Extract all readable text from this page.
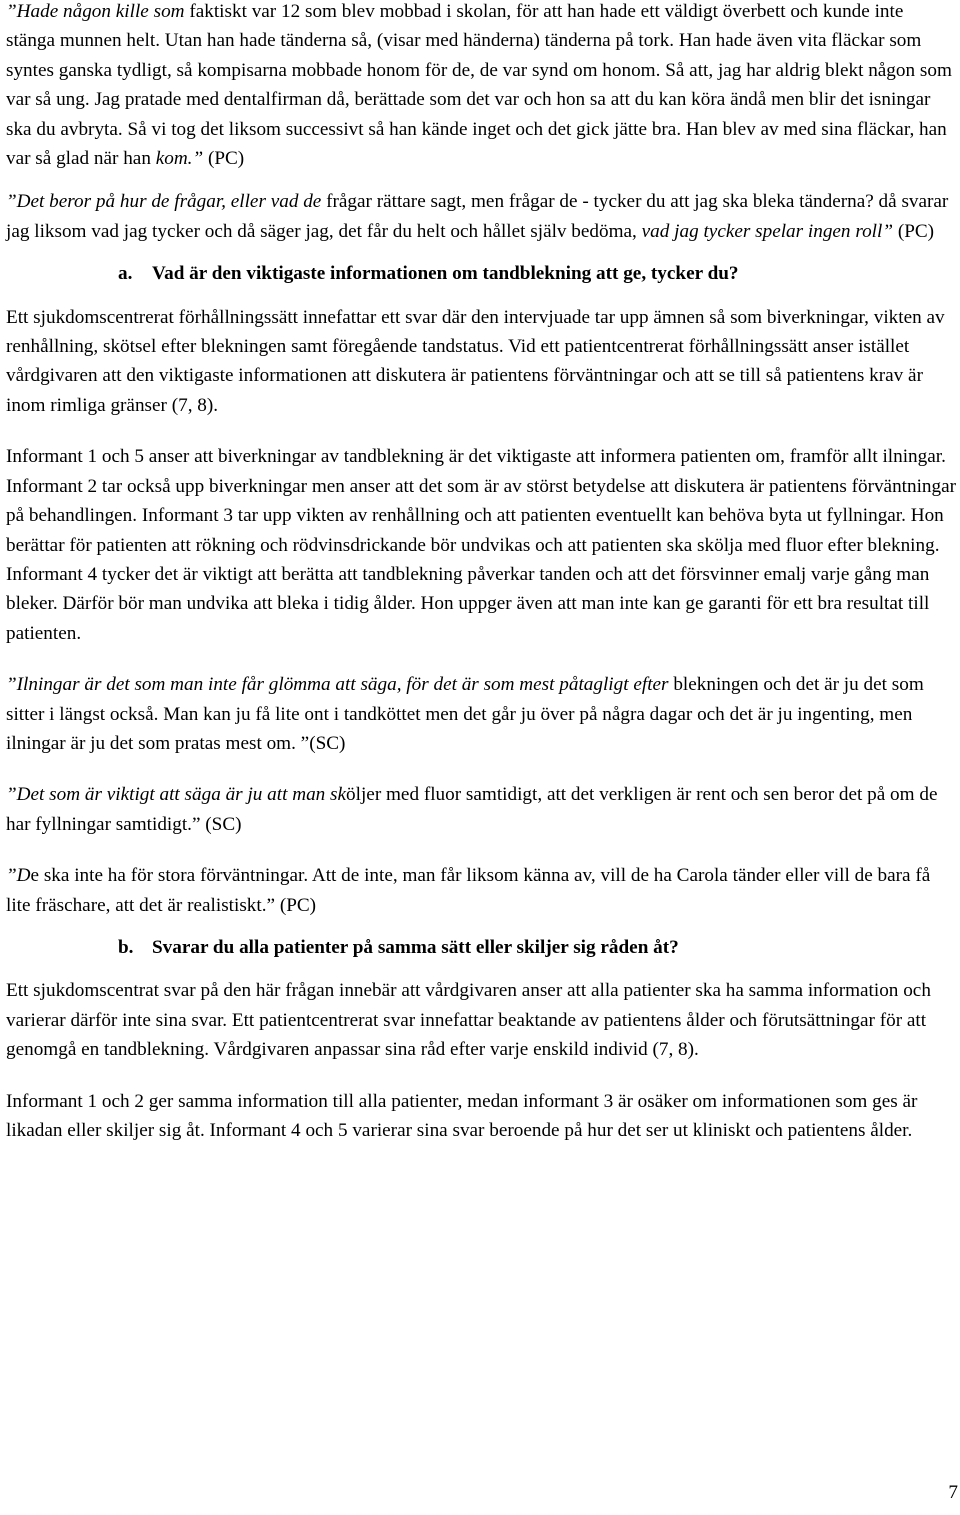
”Hade någon kille som faktiskt var 12 som blev mobbad i skolan, för att han hade ett väldigt överbett och kunde inte stänga munnen helt. Utan han hade tänderna så, (visar med händerna) tänderna på tork. Han hade även vita fläckar som syntes ganska tydligt, så kompisarna mobbade honom för de, de var synd om honom. Så att, jag har aldrig blekt någon som var så ung. Jag pratade med dentalfirman då, berättade som det var och hon sa att du kan köra ändå men blir det isningar ska du avbryta. Så vi tog det liksom successivt så han kände inget och det gick jätte bra. Han blev av med sina fläckar, han var så glad när han kom.” (PC)

”Det beror på hur de frågar, eller vad de frågar rättare sagt, men frågar de - tycker du att jag ska bleka tänderna? då svarar jag liksom vad jag tycker och då säger jag, det får du helt och hållet själv bedöma, vad jag tycker spelar ingen roll” (PC)

a. Vad är den viktigaste informationen om tandblekning att ge, tycker du?

Ett sjukdomscentrerat förhållningssätt innefattar ett svar där den intervjuade tar upp ämnen så som biverkningar, vikten av renhållning, skötsel efter blekningen samt föregående tandstatus. Vid ett patientcentrerat förhållningssätt anser istället vårdgivaren att den viktigaste informationen att diskutera är patientens förväntningar och att se till så patientens krav är inom rimliga gränser (7, 8).

Informant 1 och 5 anser att biverkningar av tandblekning är det viktigaste att informera patienten om, framför allt ilningar. Informant 2 tar också upp biverkningar men anser att det som är av störst betydelse att diskutera är patientens förväntningar på behandlingen. Informant 3 tar upp vikten av renhållning och att patienten eventuellt kan behöva byta ut fyllningar. Hon berättar för patienten att rökning och rödvinsdrickande bör undvikas och att patienten ska skölja med fluor efter blekning. Informant 4 tycker det är viktigt att berätta att tandblekning påverkar tanden och att det försvinner emalj varje gång man bleker. Därför bör man undvika att bleka i tidig ålder. Hon uppger även att man inte kan ge garanti för ett bra resultat till patienten.

”Ilningar är det som man inte får glömma att säga, för det är som mest påtagligt efter blekningen och det är ju det som sitter i längst också. Man kan ju få lite ont i tandköttet men det går ju över på några dagar och det är ju ingenting, men ilningar är ju det som pratas mest om. ”(SC)

”Det som är viktigt att säga är ju att man sköljer med fluor samtidigt, att det verkligen är rent och sen beror det på om de har fyllningar samtidigt.” (SC)

”De ska inte ha för stora förväntningar. Att de inte, man får liksom känna av, vill de ha Carola tänder eller vill de bara få lite fräschare, att det är realistiskt.” (PC)

b. Svarar du alla patienter på samma sätt eller skiljer sig råden åt?

Ett sjukdomscentrat svar på den här frågan innebär att vårdgivaren anser att alla patienter ska ha samma information och varierar därför inte sina svar. Ett patientcentrerat svar innefattar beaktande av patientens ålder och förutsättningar för att genomgå en tandblekning. Vårdgivaren anpassar sina råd efter varje enskild individ (7, 8).

Informant 1 och 2 ger samma information till alla patienter, medan informant 3 är osäker om informationen som ges är likadan eller skiljer sig åt. Informant 4 och 5 varierar sina svar beroende på hur det ser ut kliniskt och patientens ålder.

7
